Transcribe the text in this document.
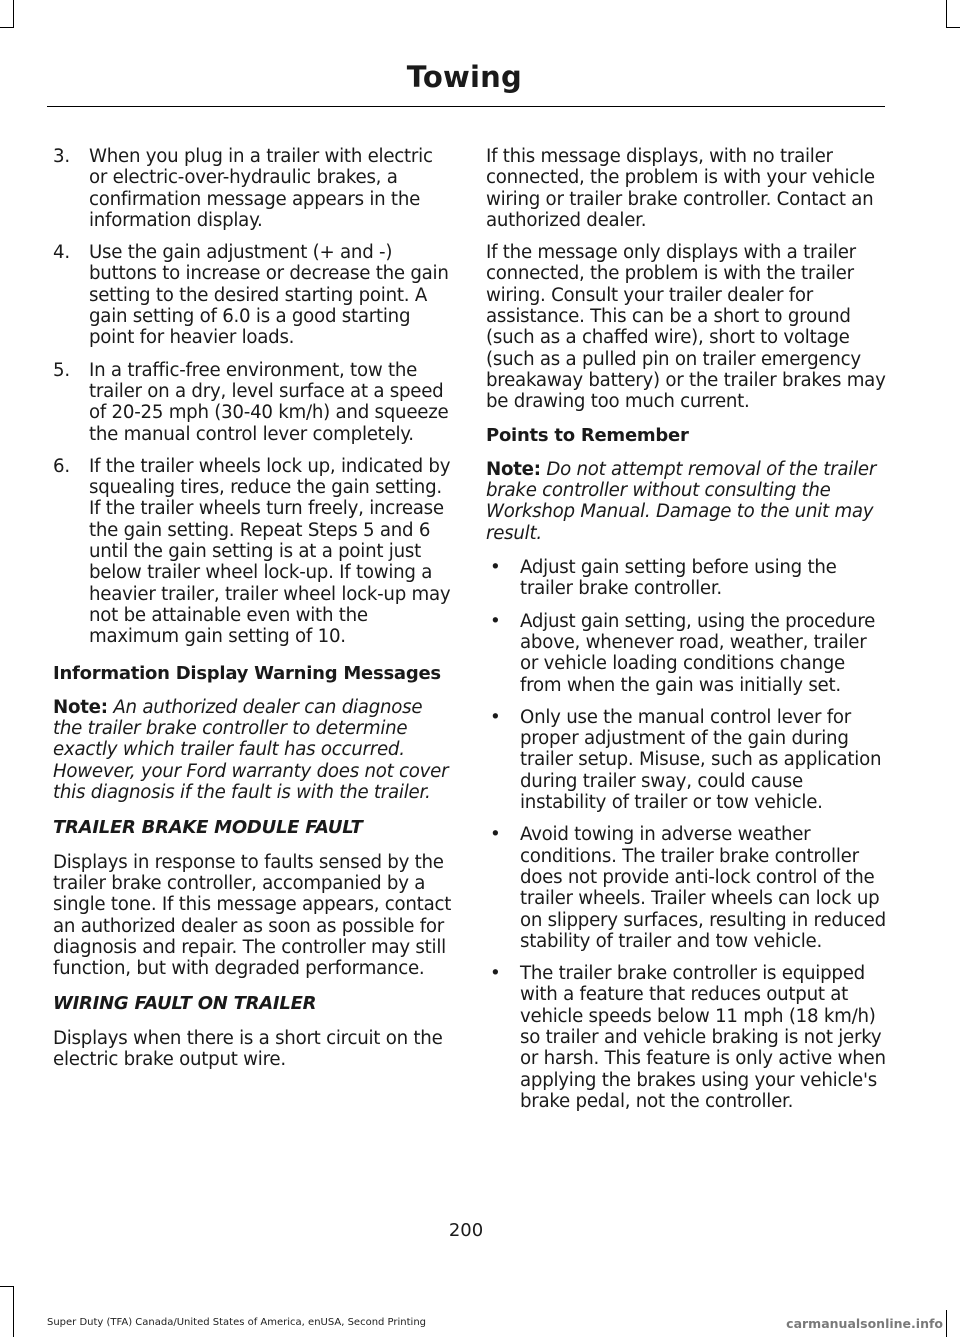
Towing
3.	When you plug in a trailer with electric or electric-over-hydraulic brakes, a confirmation message appears in the information display.
4.	Use the gain adjustment (+ and -) buttons to increase or decrease the gain setting to the desired starting point. A gain setting of 6.0 is a good starting point for heavier loads.
5.	In a traffic-free environment, tow the trailer on a dry, level surface at a speed of 20-25 mph (30-40 km/h) and squeeze the manual control lever completely.
6.	If the trailer wheels lock up, indicated by squealing tires, reduce the gain setting. If the trailer wheels turn freely, increase the gain setting. Repeat Steps 5 and 6 until the gain setting is at a point just below trailer wheel lock-up. If towing a heavier trailer, trailer wheel lock-up may not be attainable even with the maximum gain setting of 10.
Information Display Warning Messages
Note: An authorized dealer can diagnose the trailer brake controller to determine exactly which trailer fault has occurred. However, your Ford warranty does not cover this diagnosis if the fault is with the trailer.
TRAILER BRAKE MODULE FAULT

Displays in response to faults sensed by the trailer brake controller, accompanied by a single tone. If this message appears, contact an authorized dealer as soon as possible for diagnosis and repair. The controller may still function, but with degraded performance.

WIRING FAULT ON TRAILER

Displays when there is a short circuit on the electric brake output wire.

If this message displays, with no trailer connected, the problem is with your vehicle wiring or trailer brake controller. Contact an authorized dealer.

If the message only displays with a trailer connected, the problem is with the trailer wiring. Consult your trailer dealer for assistance. This can be a short to ground (such as a chaffed wire), short to voltage (such as a pulled pin on trailer emergency breakaway battery) or the trailer brakes may be drawing too much current.

Points to Remember
Note: Do not attempt removal of the trailer brake controller without consulting the Workshop Manual. Damage to the unit may result.
•	Adjust gain setting before using the trailer brake controller.
•	Adjust gain setting, using the procedure above, whenever road, weather, trailer or vehicle loading conditions change from when the gain was initially set.
•	Only use the manual control lever for proper adjustment of the gain during trailer setup. Misuse, such as application during trailer sway, could cause instability of trailer or tow vehicle.
•	Avoid towing in adverse weather conditions. The trailer brake controller does not provide anti-lock control of the trailer wheels. Trailer wheels can lock up on slippery surfaces, resulting in reduced stability of trailer and tow vehicle.
•	The trailer brake controller is equipped with a feature that reduces output at vehicle speeds below 11 mph (18 km/h) so trailer and vehicle braking is not jerky or harsh. This feature is only active when applying the brakes using your vehicle's brake pedal, not the controller.
200
Super Duty (TFA) Canada/United States of America, enUSA, Second Printing	carmanualsonline.info
